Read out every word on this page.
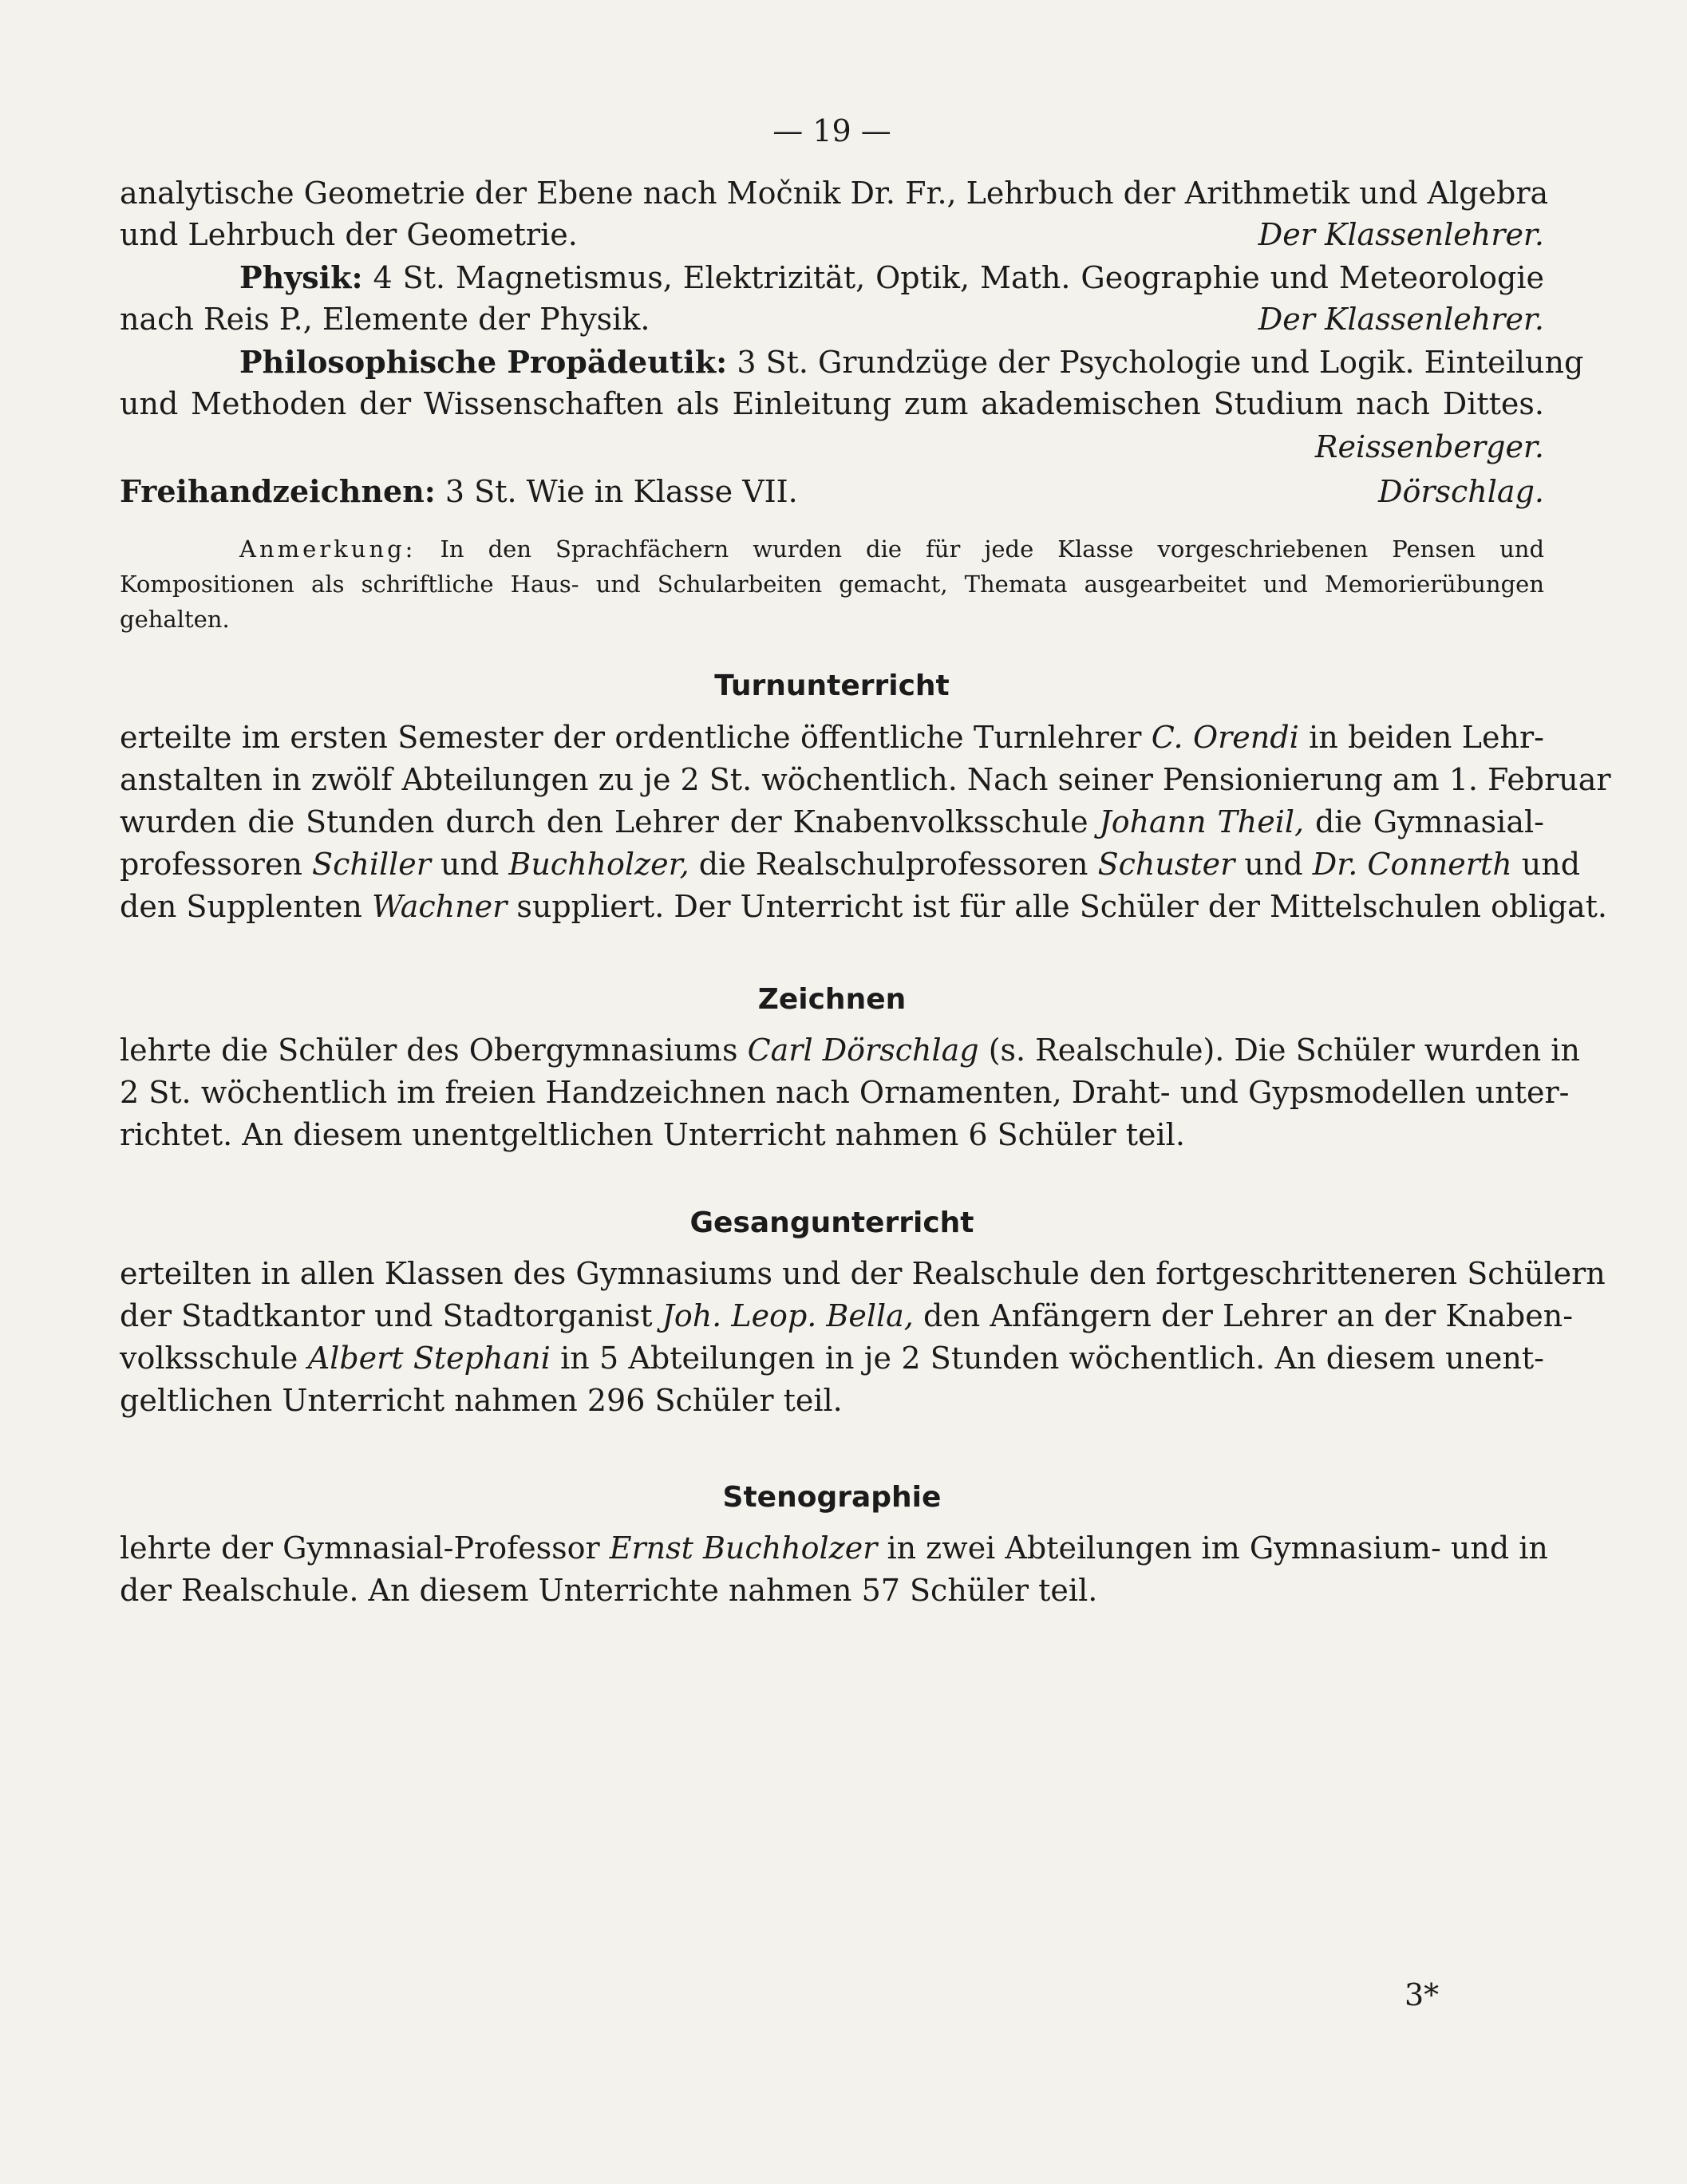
— 19 —
analytische Geometrie der Ebene nach Močnik Dr. Fr., Lehrbuch der Arithmetik und Algebra
und Lehrbuch der Geometrie.	Der Klassenlehrer.
Physik: 4 St. Magnetismus, Elektrizität, Optik, Math. Geographie und Meteorologie
nach Reis P., Elemente der Physik.	Der Klassenlehrer.
Philosophische Propädeutik: 3 St. Grundzüge der Psychologie und Logik. Einteilung
und Methoden der Wissenschaften als Einleitung zum akademischen Studium nach Dittes.
Reissenberger.
Freihandzeichnen: 3 St. Wie in Klasse VII.	Dörschlag.
Anmerkung: In den Sprachfächern wurden die für jede Klasse vorgeschriebenen Pensen und
Kompositionen als schriftliche Haus- und Schularbeiten gemacht, Themata ausgearbeitet und Memorierübungen
gehalten.
Turnunterricht
erteilte im ersten Semester der ordentliche öffentliche Turnlehrer C. Orendi in beiden Lehr-
anstalten in zwölf Abteilungen zu je 2 St. wöchentlich. Nach seiner Pensionierung am 1. Februar
wurden die Stunden durch den Lehrer der Knabenvolksschule Johann Theil, die Gymnasial-
professoren Schiller und Buchholzer, die Realschulprofessoren Schuster und Dr. Connerth und
den Supplenten Wachner suppliert. Der Unterricht ist für alle Schüler der Mittelschulen obligat.
Zeichnen
lehrte die Schüler des Obergymnasiums Carl Dörschlag (s. Realschule). Die Schüler wurden in
2 St. wöchentlich im freien Handzeichnen nach Ornamenten, Draht- und Gypsmodellen unter-
richtet. An diesem unentgeltlichen Unterricht nahmen 6 Schüler teil.
Gesangunterricht
erteilten in allen Klassen des Gymnasiums und der Realschule den fortgeschritteneren Schülern
der Stadtkantor und Stadtorganist Joh. Leop. Bella, den Anfängern der Lehrer an der Knaben-
volksschule Albert Stephani in 5 Abteilungen in je 2 Stunden wöchentlich. An diesem unent-
geltlichen Unterricht nahmen 296 Schüler teil.
Stenographie
lehrte der Gymnasial-Professor Ernst Buchholzer in zwei Abteilungen im Gymnasium- und in
der Realschule. An diesem Unterrichte nahmen 57 Schüler teil.
3*
